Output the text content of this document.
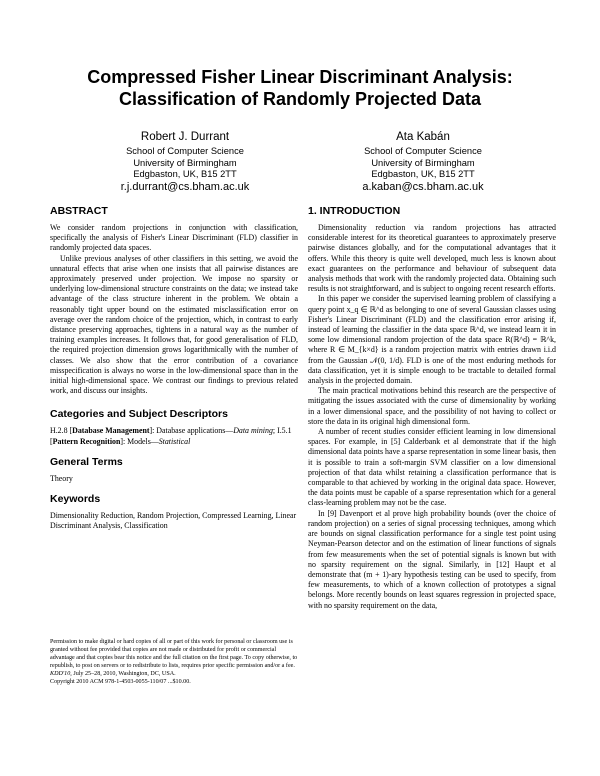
Compressed Fisher Linear Discriminant Analysis:
Classification of Randomly Projected Data
Robert J. Durrant
School of Computer Science
University of Birmingham
Edgbaston, UK, B15 2TT
r.j.durrant@cs.bham.ac.uk
Ata Kabán
School of Computer Science
University of Birmingham
Edgbaston, UK, B15 2TT
a.kaban@cs.bham.ac.uk
ABSTRACT

We consider random projections in conjunction with classification, specifically the analysis of Fisher's Linear Discriminant (FLD) classifier in randomly projected data spaces.

Unlike previous analyses of other classifiers in this setting, we avoid the unnatural effects that arise when one insists that all pairwise distances are approximately preserved under projection. We impose no sparsity or underlying low-dimensional structure constraints on the data; we instead take advantage of the class structure inherent in the problem. We obtain a reasonably tight upper bound on the estimated misclassification error on average over the random choice of the projection, which, in contrast to early distance preserving approaches, tightens in a natural way as the number of training examples increases. It follows that, for good generalisation of FLD, the required projection dimension grows logarithmically with the number of classes. We also show that the error contribution of a covariance misspecification is always no worse in the low-dimensional space than in the initial high-dimensional space. We contrast our findings to previous related work, and discuss our insights.

Categories and Subject Descriptors

H.2.8 [Database Management]: Database applications—Data mining; I.5.1 [Pattern Recognition]: Models—Statistical

General Terms

Theory

Keywords

Dimensionality Reduction, Random Projection, Compressed Learning, Linear Discriminant Analysis, Classification

Permission to make digital or hard copies of all or part of this work for personal or classroom use is granted without fee provided that copies are not made or distributed for profit or commercial advantage and that copies bear this notice and the full citation on the first page. To copy otherwise, to republish, to post on servers or to redistribute to lists, requires prior specific permission and/or a fee.
KDD'10, July 25–28, 2010, Washington, DC, USA.
Copyright 2010 ACM 978-1-4503-0055-110/07 ...$10.00.
1. INTRODUCTION

Dimensionality reduction via random projections has attracted considerable interest for its theoretical guarantees to approximately preserve pairwise distances globally, and for the computational advantages that it offers. While this theory is quite well developed, much less is known about exact guarantees on the performance and behaviour of subsequent data analysis methods that work with the randomly projected data. Obtaining such results is not straightforward, and is subject to ongoing recent research efforts.

In this paper we consider the supervised learning problem of classifying a query point x_q ∈ ℝ^d as belonging to one of several Gaussian classes using Fisher's Linear Discriminant (FLD) and the classification error arising if, instead of learning the classifier in the data space ℝ^d, we instead learn it in some low dimensional random projection of the data space R(ℝ^d) = ℝ^k, where R ∈ M_{k×d} is a random projection matrix with entries drawn i.i.d from the Gaussian 𝒩(0, 1/d). FLD is one of the most enduring methods for data classification, yet it is simple enough to be tractable to detailed formal analysis in the projected domain.

The main practical motivations behind this research are the perspective of mitigating the issues associated with the curse of dimensionality by working in a lower dimensional space, and the possibility of not having to collect or store the data in its original high dimensional form.

A number of recent studies consider efficient learning in low dimensional spaces. For example, in [5] Calderbank et al demonstrate that if the high dimensional data points have a sparse representation in some linear basis, then it is possible to train a soft-margin SVM classifier on a low dimensional projection of that data whilst retaining a classification performance that is comparable to that achieved by working in the original data space. However, the data points must be capable of a sparse representation which for a general class-learning problem may not be the case.

In [9] Davenport et al prove high probability bounds (over the choice of random projection) on a series of signal processing techniques, among which are bounds on signal classification performance for a single test point using Neyman-Pearson detector and on the estimation of linear functions of signals from few measurements when the set of potential signals is known but with no sparsity requirement on the signal. Similarly, in [12] Haupt et al demonstrate that (m + 1)-ary hypothesis testing can be used to specify, from few measurements, to which of a known collection of prototypes a signal belongs. More recently bounds on least squares regression in projected space, with no sparsity requirement on the data,
